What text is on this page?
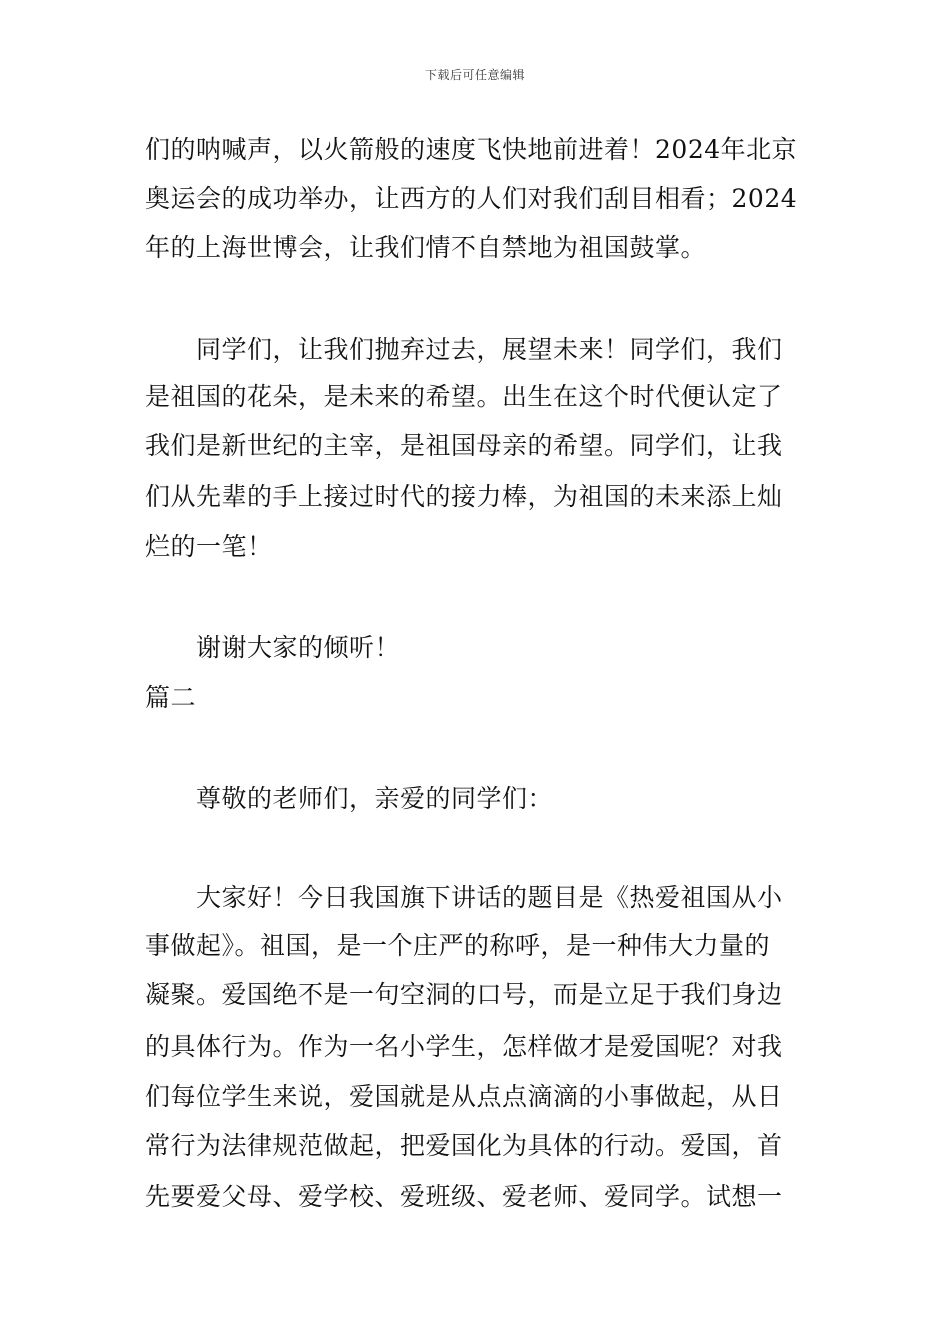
下载后可任意编辑
们的呐喊声，以火箭般的速度飞快地前进着！2024年北京
奥运会的成功举办，让西方的人们对我们刮目相看；2024
年的上海世博会，让我们情不自禁地为祖国鼓掌。
同学们，让我们抛弃过去，展望未来！同学们，我们
是祖国的花朵，是未来的希望。出生在这个时代便认定了
我们是新世纪的主宰，是祖国母亲的希望。同学们，让我
们从先辈的手上接过时代的接力棒，为祖国的未来添上灿
烂的一笔！
谢谢大家的倾听！
篇二
尊敬的老师们，亲爱的同学们：
大家好！今日我国旗下讲话的题目是《热爱祖国从小
事做起》。祖国，是一个庄严的称呼，是一种伟大力量的
凝聚。爱国绝不是一句空洞的口号，而是立足于我们身边
的具体行为。作为一名小学生，怎样做才是爱国呢？对我
们每位学生来说，爱国就是从点点滴滴的小事做起，从日
常行为法律规范做起，把爱国化为具体的行动。爱国，首
先要爱父母、爱学校、爱班级、爱老师、爱同学。试想一
